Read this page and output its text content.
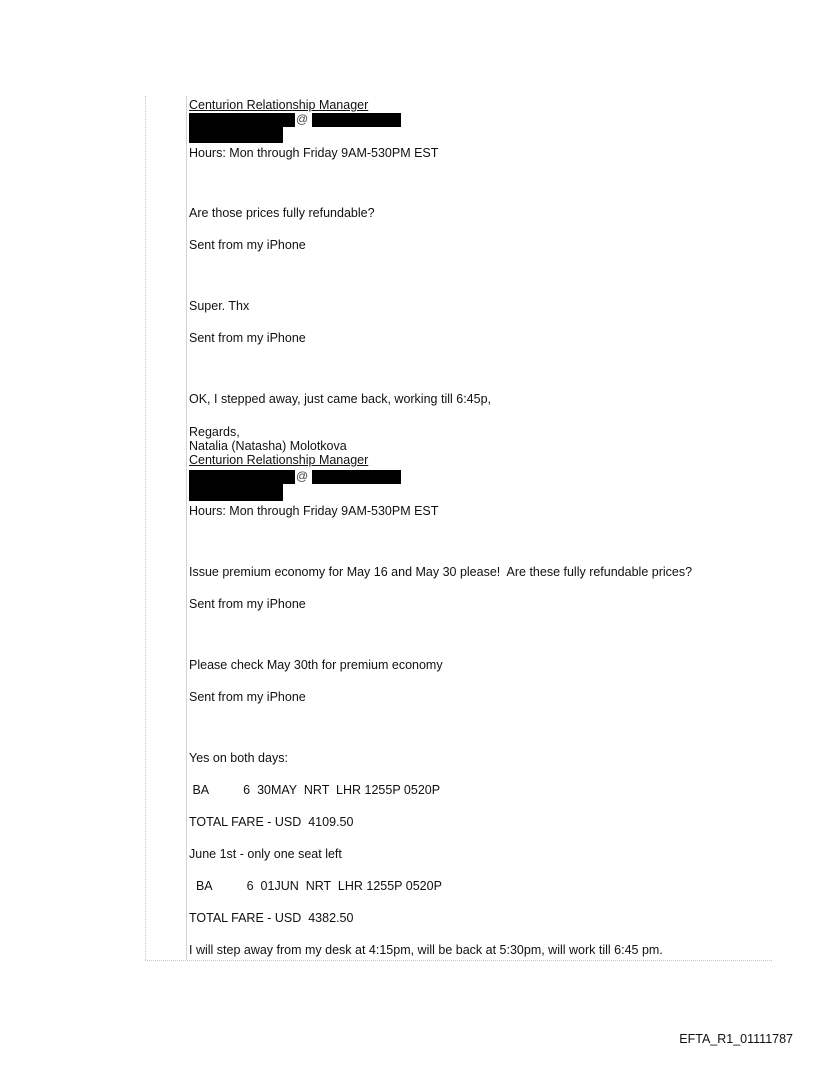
Centurion Relationship Manager
@
Hours: Mon through Friday 9AM-530PM EST
Are those prices fully refundable?
Sent from my iPhone
Super. Thx
Sent from my iPhone
OK, I stepped away, just came back, working till 6:45p,
Regards,
Natalia (Natasha) Molotkova
Centurion Relationship Manager
@
Hours: Mon through Friday 9AM-530PM EST
Issue premium economy for May 16 and May 30 please!  Are these fully refundable prices?
Sent from my iPhone
Please check May 30th for premium economy
Sent from my iPhone
Yes on both days:
BA          6  30MAY  NRT  LHR 1255P 0520P
TOTAL FARE - USD  4109.50
June 1st - only one seat left
BA          6  01JUN  NRT  LHR 1255P 0520P
TOTAL FARE - USD  4382.50
I will step away from my desk at 4:15pm, will be back at 5:30pm, will work till 6:45 pm.
EFTA_R1_01111787
